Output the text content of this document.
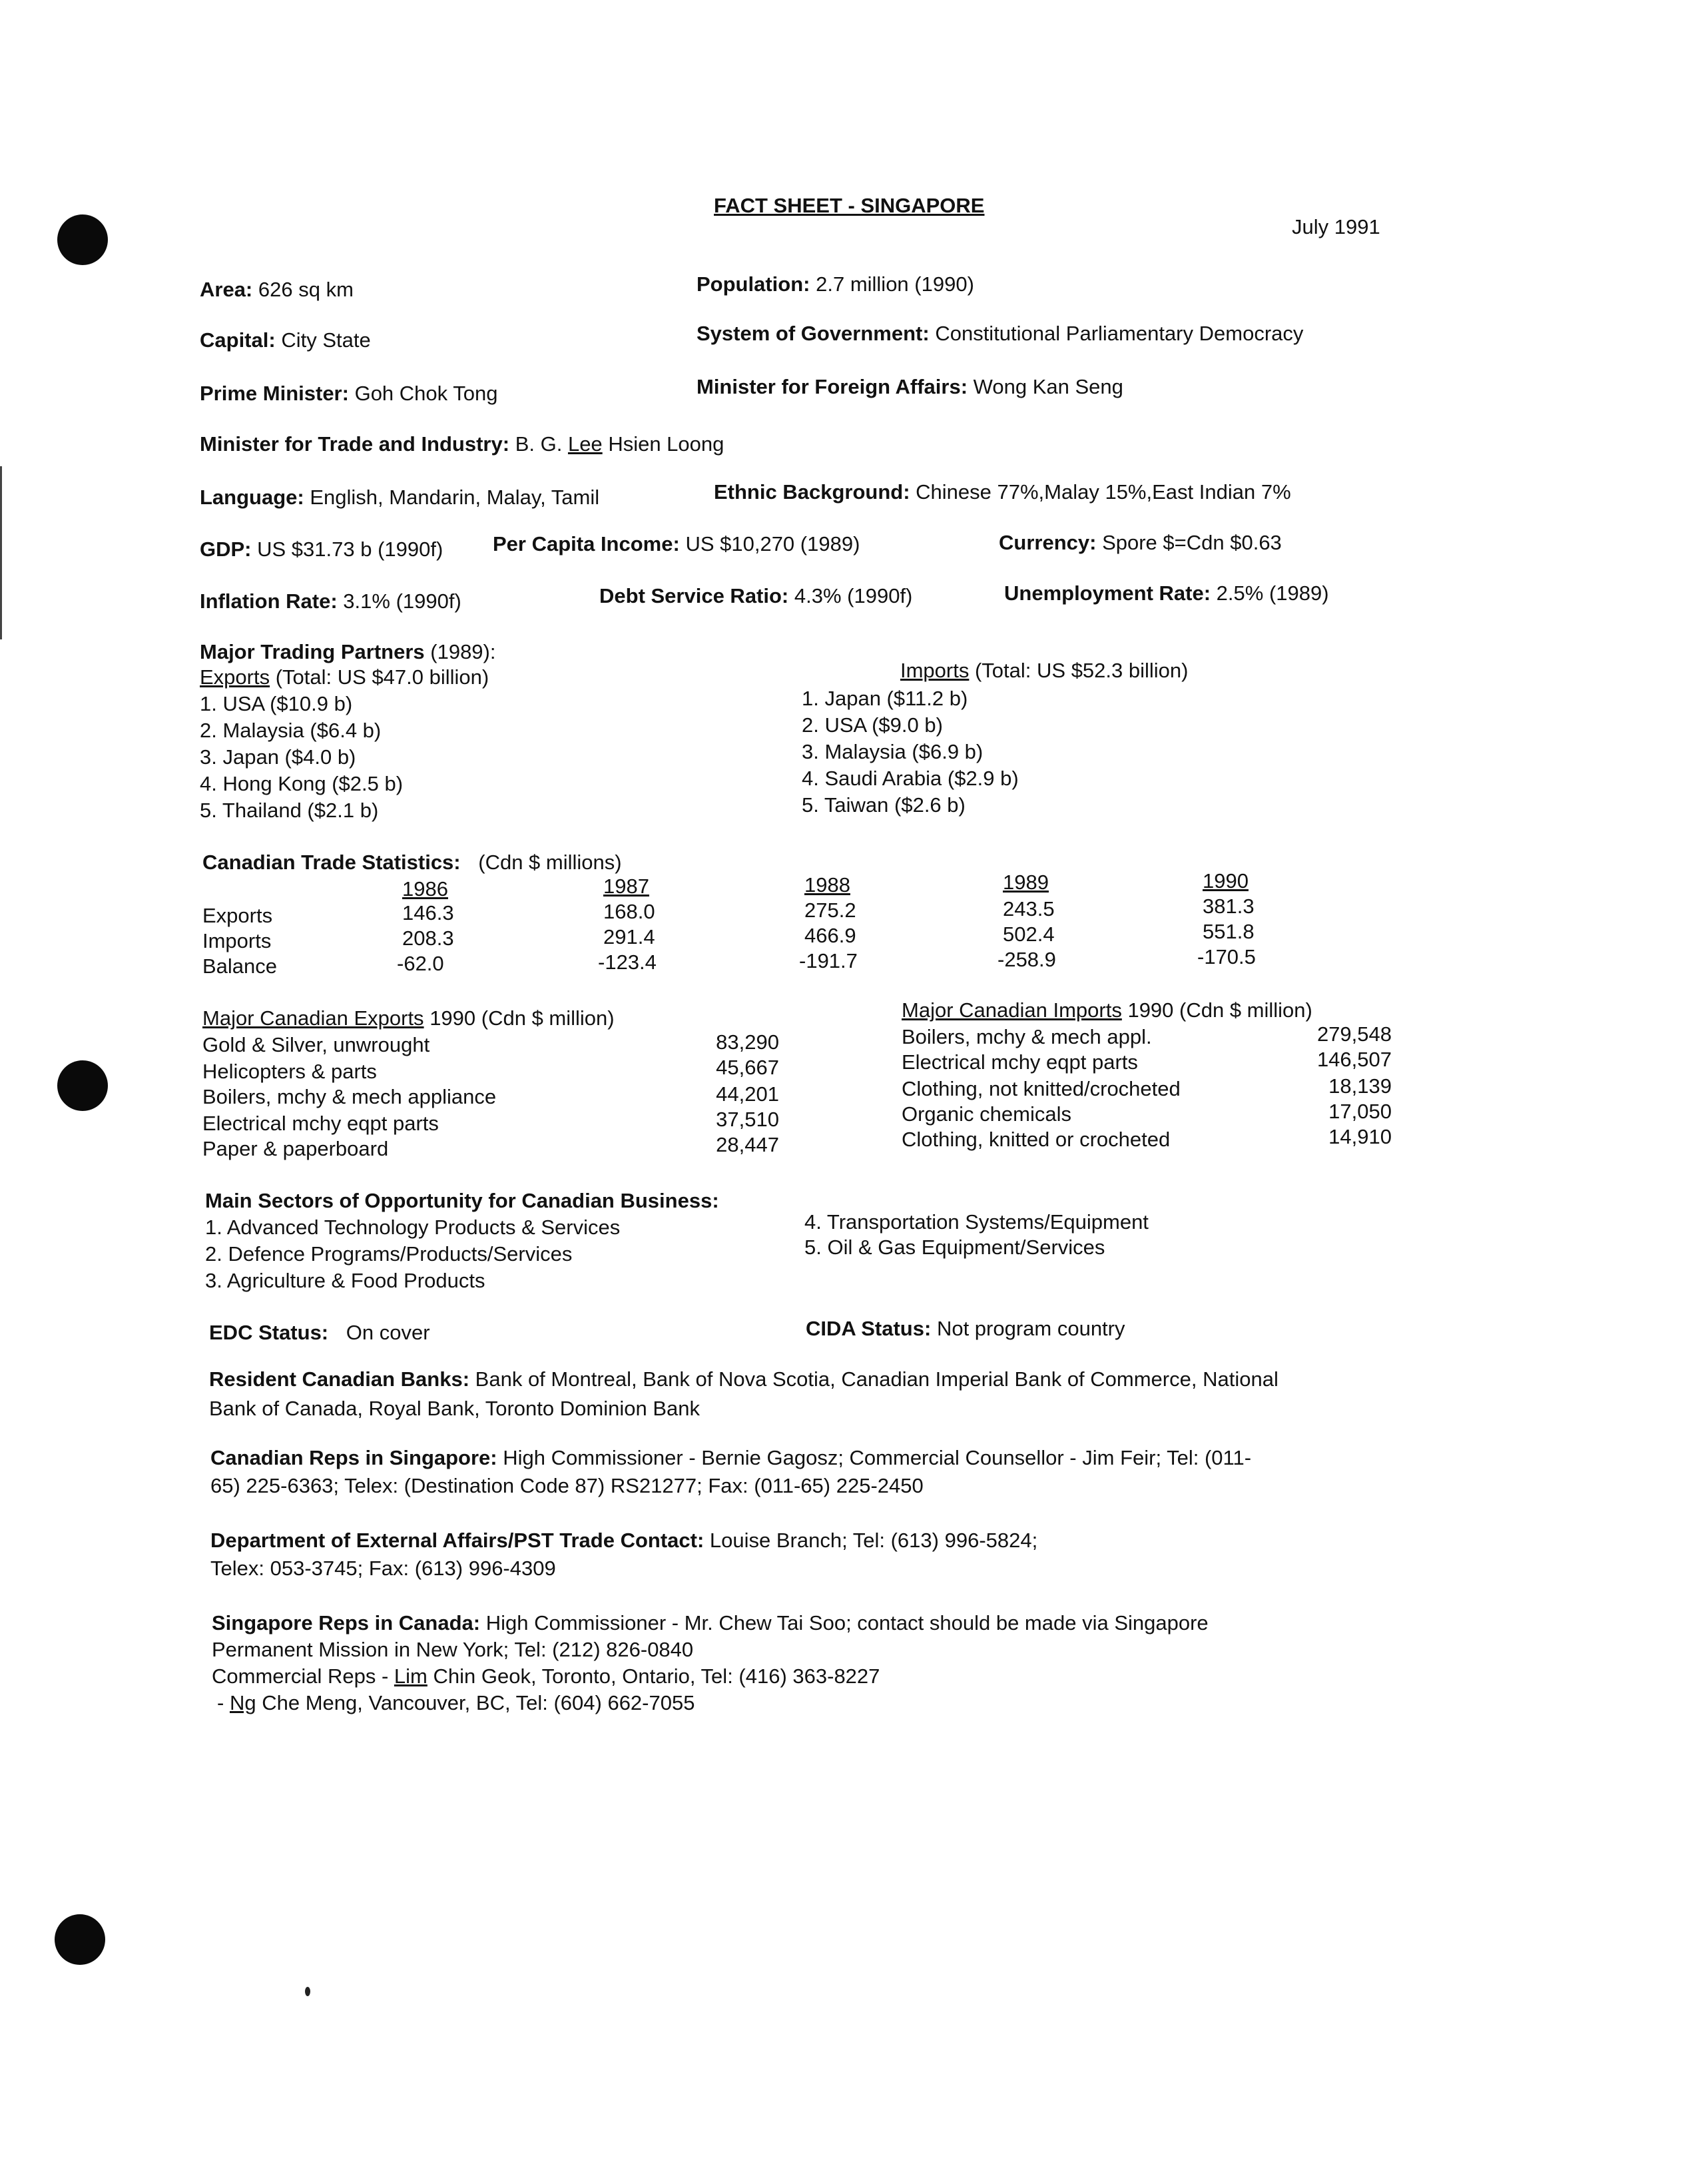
FACT SHEET - SINGAPORE
July 1991
Area: 626 sq km	Population: 2.7 million (1990)
Capital: City State	System of Government: Constitutional Parliamentary Democracy
Prime Minister: Goh Chok Tong	Minister for Foreign Affairs: Wong Kan Seng
Minister for Trade and Industry: B. G. Lee Hsien Loong
Language: English, Mandarin, Malay, Tamil	Ethnic Background: Chinese 77%,Malay 15%,East Indian 7%
GDP: US $31.73 b (1990f) Per Capita Income: US $10,270 (1989)	Currency: Spore $=Cdn $0.63
Inflation Rate: 3.1% (1990f)	Debt Service Ratio: 4.3% (1990f)	Unemployment Rate: 2.5% (1989)
Major Trading Partners (1989):
Exports (Total: US $47.0 billion)
1. USA ($10.9 b)
2. Malaysia ($6.4 b)
3. Japan ($4.0 b)
4. Hong Kong ($2.5 b)
5. Thailand ($2.1 b)
Imports (Total: US $52.3 billion)
1. Japan ($11.2 b)
2. USA ($9.0 b)
3. Malaysia ($6.9 b)
4. Saudi Arabia ($2.9 b)
5. Taiwan ($2.6 b)
Canadian Trade Statistics: (Cdn $ millions)
1986	1987	1988	1989	1990
Exports	146.3	168.0	275.2	243.5	381.3
Imports	208.3	291.4	466.9	502.4	551.8
Balance	-62.0	-123.4	-191.7	-258.9	-170.5
Major Canadian Exports 1990 (Cdn $ million)
Gold & Silver, unwrought	83,290
Helicopters & parts	45,667
Boilers, mchy & mech appliance	44,201
Electrical mchy eqpt parts	37,510
Paper & paperboard	28,447
Major Canadian Imports 1990 (Cdn $ million)
Boilers, mchy & mech appl.	279,548
Electrical mchy eqpt parts	146,507
Clothing, not knitted/crocheted	18,139
Organic chemicals	17,050
Clothing, knitted or crocheted	14,910
Main Sectors of Opportunity for Canadian Business:
1. Advanced Technology Products & Services
2. Defence Programs/Products/Services
3. Agriculture & Food Products
4. Transportation Systems/Equipment
5. Oil & Gas Equipment/Services
EDC Status: On cover	CIDA Status: Not program country
Resident Canadian Banks: Bank of Montreal, Bank of Nova Scotia, Canadian Imperial Bank of Commerce, National
Bank of Canada, Royal Bank, Toronto Dominion Bank
Canadian Reps in Singapore: High Commissioner - Bernie Gagosz; Commercial Counsellor - Jim Feir; Tel: (011-
65) 225-6363; Telex: (Destination Code 87) RS21277; Fax: (011-65) 225-2450
Department of External Affairs/PST Trade Contact: Louise Branch; Tel: (613) 996-5824;
Telex: 053-3745; Fax: (613) 996-4309
Singapore Reps in Canada: High Commissioner - Mr. Chew Tai Soo; contact should be made via Singapore
Permanent Mission in New York; Tel: (212) 826-0840
Commercial Reps - Lim Chin Geok, Toronto, Ontario, Tel: (416) 363-8227
- Ng Che Meng, Vancouver, BC, Tel: (604) 662-7055
